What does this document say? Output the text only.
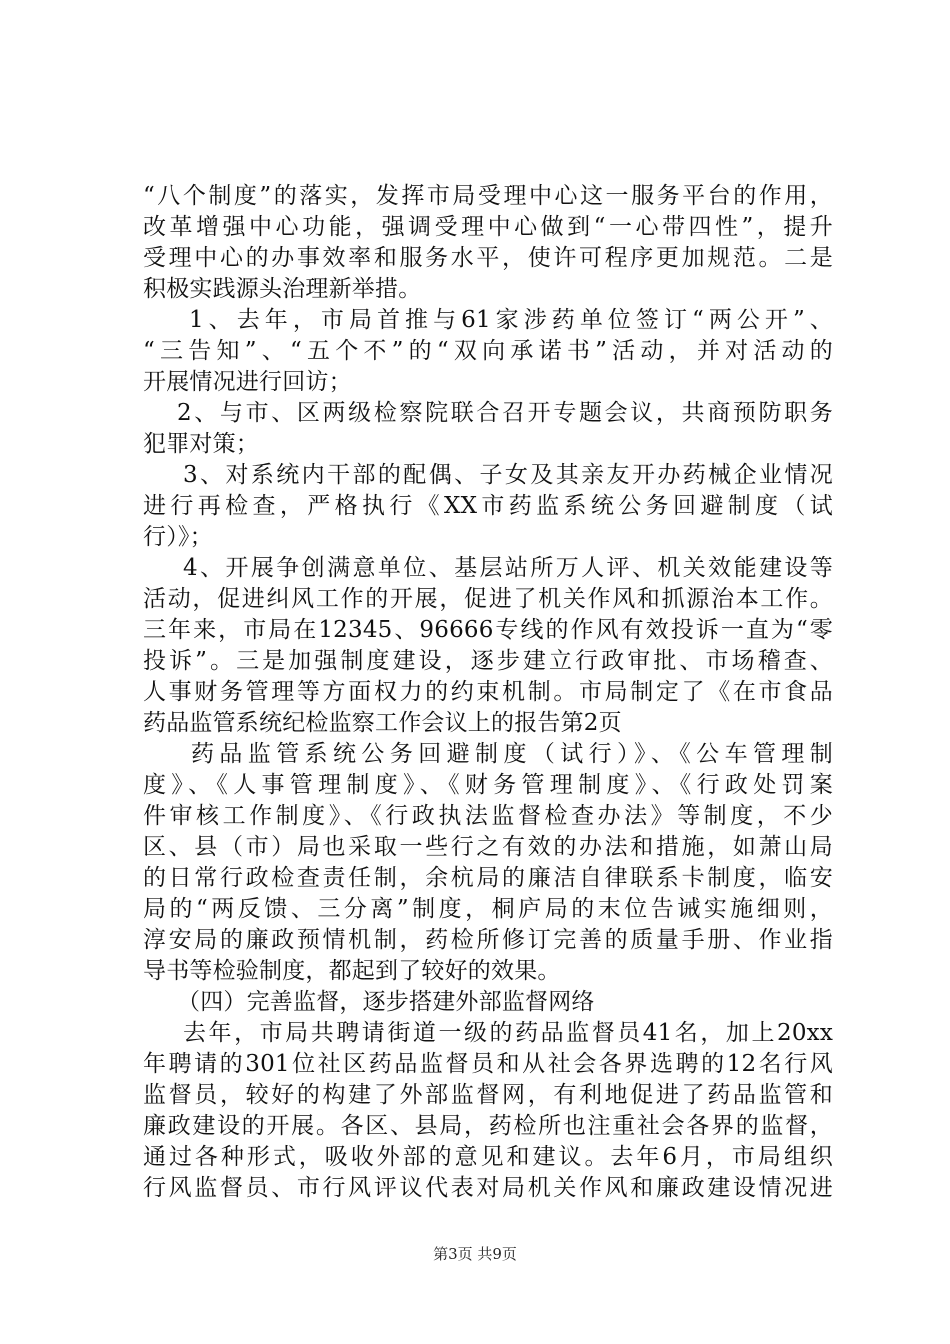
“八个制度”的落实，发挥市局受理中心这一服务平台的作用，
改革增强中心功能，强调受理中心做到“一心带四性”，提升
受理中心的办事效率和服务水平，使许可程序更加规范。二是
积极实践源头治理新举措。
1、去年，市局首推与61家涉药单位签订“两公开”、
“三告知”、“五个不”的“双向承诺书”活动，并对活动的
开展情况进行回访；
2、与市、区两级检察院联合召开专题会议，共商预防职务
犯罪对策；
3、对系统内干部的配偶、子女及其亲友开办药械企业情况
进行再检查，严格执行《XX市药监系统公务回避制度（试
行）》；
4、开展争创满意单位、基层站所万人评、机关效能建设等
活动，促进纠风工作的开展，促进了机关作风和抓源治本工作。
三年来，市局在12345、96666专线的作风有效投诉一直为“零
投诉”。三是加强制度建设，逐步建立行政审批、市场稽查、
人事财务管理等方面权力的约束机制。市局制定了《在市食品
药品监管系统纪检监察工作会议上的报告第2页
药品监管系统公务回避制度（试行）》、《公车管理制
度》、《人事管理制度》、《财务管理制度》、《行政处罚案
件审核工作制度》、《行政执法监督检查办法》等制度，不少
区、县（市）局也采取一些行之有效的办法和措施，如萧山局
的日常行政检查责任制，余杭局的廉洁自律联系卡制度，临安
局的“两反馈、三分离”制度，桐庐局的末位告诫实施细则，
淳安局的廉政预情机制，药检所修订完善的质量手册、作业指
导书等检验制度，都起到了较好的效果。
（四）完善监督，逐步搭建外部监督网络
去年，市局共聘请街道一级的药品监督员41名，加上20xx
年聘请的301位社区药品监督员和从社会各界选聘的12名行风
监督员，较好的构建了外部监督网，有利地促进了药品监管和
廉政建设的开展。各区、县局，药检所也注重社会各界的监督，
通过各种形式，吸收外部的意见和建议。去年6月，市局组织
行风监督员、市行风评议代表对局机关作风和廉政建设情况进
第3页 共9页
